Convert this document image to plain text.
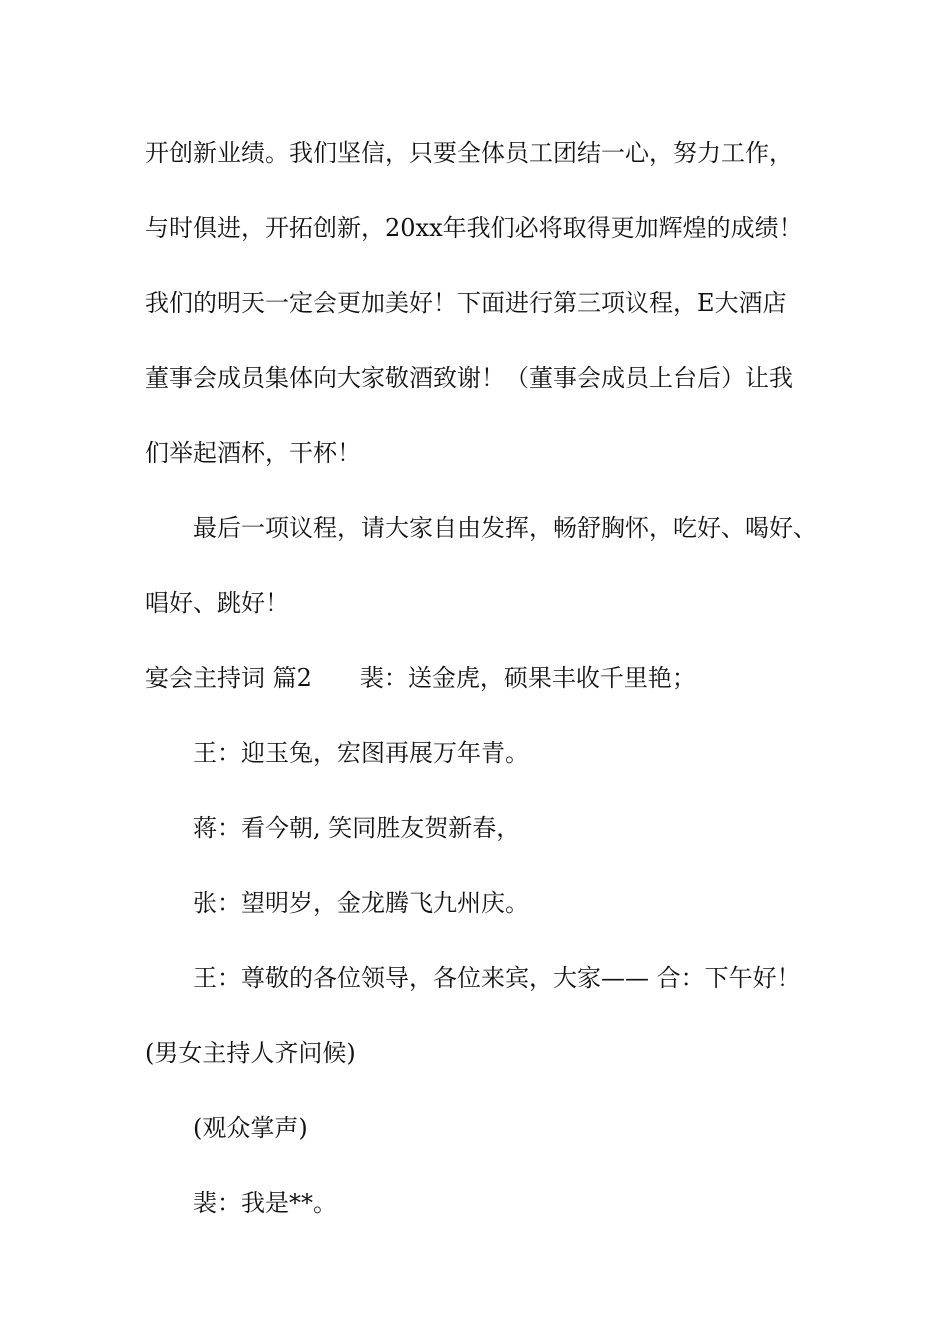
开创新业绩。我们坚信，只要全体员工团结一心，努力工作，
与时俱进，开拓创新，20xx年我们必将取得更加辉煌的成绩！
我们的明天一定会更加美好！下面进行第三项议程，E大酒店
董事会成员集体向大家敬酒致谢！（董事会成员上台后）让我
们举起酒杯，干杯！
最后一项议程，请大家自由发挥，畅舒胸怀，吃好、喝好、
唱好、跳好！
宴会主持词 篇2 裴：送金虎，硕果丰收千里艳；
王：迎玉兔，宏图再展万年青。
蒋：看今朝, 笑同胜友贺新春，
张：望明岁，金龙腾飞九州庆。
王：尊敬的各位领导，各位来宾，大家—— 合：下午好！
(男女主持人齐问候)
(观众掌声)
裴：我是**。
